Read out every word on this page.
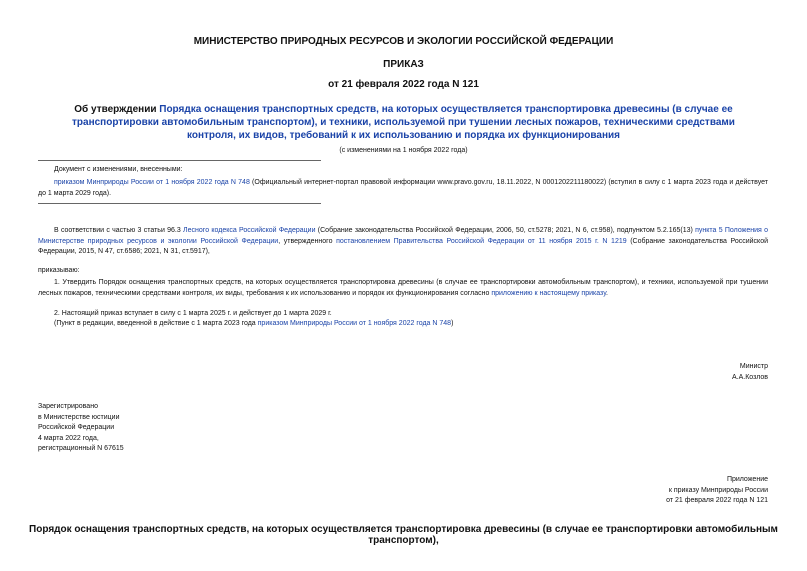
МИНИСТЕРСТВО ПРИРОДНЫХ РЕСУРСОВ И ЭКОЛОГИИ РОССИЙСКОЙ ФЕДЕРАЦИИ
ПРИКАЗ
от 21 февраля 2022 года N 121
Об утверждении Порядка оснащения транспортных средств, на которых осуществляется транспортировка древесины (в случае ее транспортировки автомобильным транспортом), и техники, используемой при тушении лесных пожаров, техническими средствами контроля, их видов, требований к их использованию и порядка их функционирования
(с изменениями на 1 ноября 2022 года)
Документ с изменениями, внесенными:
приказом Минприроды России от 1 ноября 2022 года N 748 (Официальный интернет-портал правовой информации www.pravo.gov.ru, 18.11.2022, N 0001202211180022) (вступил в силу с 1 марта 2023 года и действует до 1 марта 2029 года).
В соответствии с частью 3 статьи 96.3 Лесного кодекса Российской Федерации (Собрание законодательства Российской Федерации, 2006, 50, ст.5278; 2021, N 6, ст.958), подпунктом 5.2.165(13) пункта 5 Положения о Министерстве природных ресурсов и экологии Российской Федерации, утвержденного постановлением Правительства Российской Федерации от 11 ноября 2015 г. N 1219 (Собрание законодательства Российской Федерации, 2015, N 47, ст.6586; 2021, N 31, ст.5917),
приказываю:
1. Утвердить Порядок оснащения транспортных средств, на которых осуществляется транспортировка древесины (в случае ее транспортировки автомобильным транспортом), и техники, используемой при тушении лесных пожаров, техническими средствами контроля, их виды, требования к их использованию и порядок их функционирования согласно приложению к настоящему приказу.
2. Настоящий приказ вступает в силу с 1 марта 2025 г. и действует до 1 марта 2029 г.
(Пункт в редакции, введенной в действие с 1 марта 2023 года приказом Минприроды России от 1 ноября 2022 года N 748)
Министр
А.А.Козлов
Зарегистрировано
в Министерстве юстиции
Российской Федерации
4 марта 2022 года,
регистрационный N 67615
Приложение
к приказу Минприроды России
от 21 февраля 2022 года N 121
Порядок оснащения транспортных средств, на которых осуществляется транспортировка древесины (в случае ее транспортировки автомобильным транспортом),
